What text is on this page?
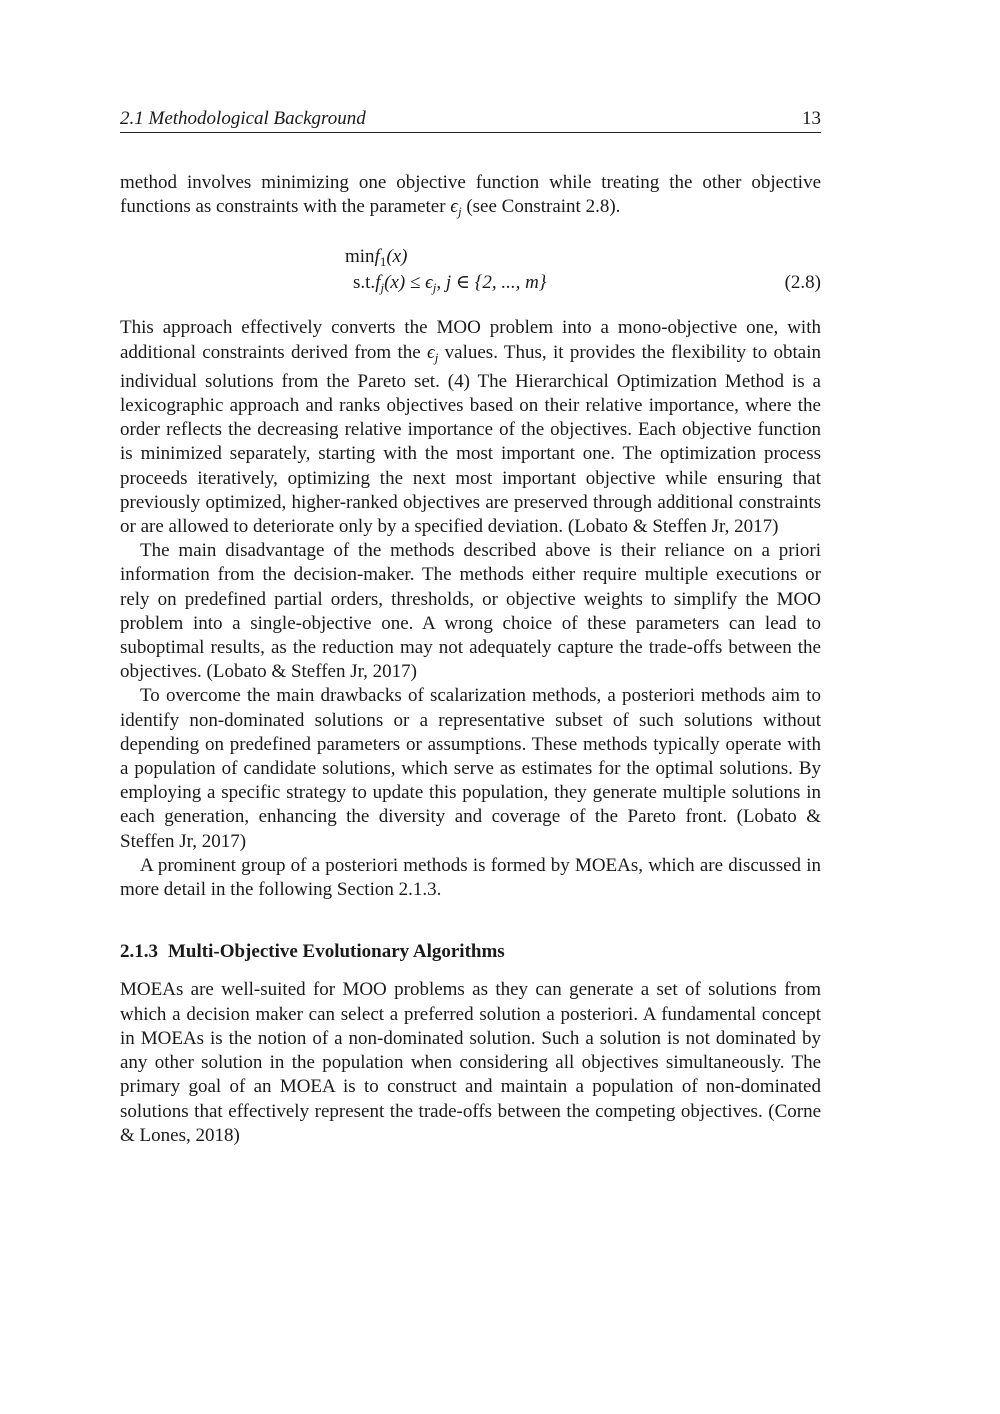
2.1 Methodological Background	13

method involves minimizing one objective function while treating the other objective functions as constraints with the parameter $\epsilon_j$ (see Constraint 2.8).

minf$_1$(x)
$s.t.f_j(x) \le \epsilon_j$, j ∈ {2, ..., m}	(2.8)

This approach effectively converts the MOO problem into a mono-objective one, with additional constraints derived from the $\epsilon_j$ values. Thus, it provides the flexibility to obtain individual solutions from the Pareto set. (4) The Hierarchical Optimization Method is a lexicographic approach and ranks objectives based on their relative importance, where the order reflects the decreasing relative importance of the objectives. Each objective function is minimized separately, starting with the most important one. The optimization process proceeds iteratively, optimizing the next most important objective while ensuring that previously optimized, higher-ranked objectives are preserved through additional constraints or are allowed to deteriorate only by a specified deviation. (Lobato & Steffen Jr, 2017)

The main disadvantage of the methods described above is their reliance on a priori information from the decision-maker. The methods either require multiple executions or rely on predefined partial orders, thresholds, or objective weights to simplify the MOO problem into a single-objective one. A wrong choice of these parameters can lead to suboptimal results, as the reduction may not adequately capture the trade-offs between the objectives. (Lobato & Steffen Jr, 2017)

To overcome the main drawbacks of scalarization methods, a posteriori methods aim to identify non-dominated solutions or a representative subset of such solutions without depending on predefined parameters or assumptions. These methods typically operate with a population of candidate solutions, which serve as estimates for the optimal solutions. By employing a specific strategy to update this population, they generate multiple solutions in each generation, enhancing the diversity and coverage of the Pareto front. (Lobato & Steffen Jr, 2017)

A prominent group of a posteriori methods is formed by MOEAs, which are discussed in more detail in the following Section 2.1.3.

2.1.3 Multi-Objective Evolutionary Algorithms

MOEAs are well-suited for MOO problems as they can generate a set of solutions from which a decision maker can select a preferred solution a posteriori. A fundamental concept in MOEAs is the notion of a non-dominated solution. Such a solution is not dominated by any other solution in the population when considering all objectives simultaneously. The primary goal of an MOEA is to construct and maintain a population of non-dominated solutions that effectively represent the trade-offs between the competing objectives. (Corne & Lones, 2018)
